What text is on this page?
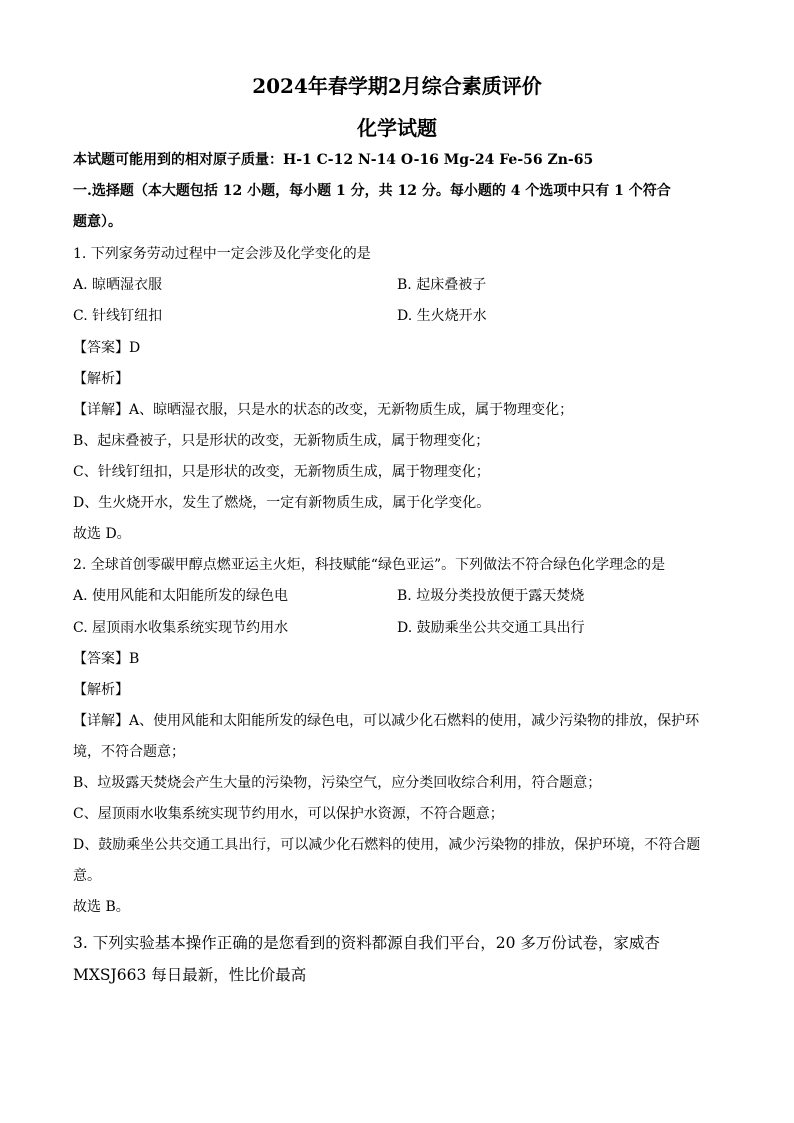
2024年春学期2月综合素质评价
化学试题
本试题可能用到的相对原子质量：H-1 C-12 N-14 O-16 Mg-24 Fe-56 Zn-65
一.选择题（本大题包括 12 小题，每小题 1 分，共 12 分。每小题的 4 个选项中只有 1 个符合
题意）。
1. 下列家务劳动过程中一定会涉及化学变化的是
A. 晾晒湿衣服	B. 起床叠被子
C. 针线钉纽扣	D. 生火烧开水
【答案】D
【解析】
【详解】A、晾晒湿衣服，只是水的状态的改变，无新物质生成，属于物理变化；
B、起床叠被子，只是形状的改变，无新物质生成，属于物理变化；
C、针线钉纽扣，只是形状的改变，无新物质生成，属于物理变化；
D、生火烧开水，发生了燃烧，一定有新物质生成，属于化学变化。
故选 D。
2. 全球首创零碳甲醇点燃亚运主火炬，科技赋能“绿色亚运”。下列做法不符合绿色化学理念的是
A. 使用风能和太阳能所发的绿色电	B. 垃圾分类投放便于露天焚烧
C. 屋顶雨水收集系统实现节约用水	D. 鼓励乘坐公共交通工具出行
【答案】B
【解析】
【详解】A、使用风能和太阳能所发的绿色电，可以减少化石燃料的使用，减少污染物的排放，保护环
境，不符合题意；
B、垃圾露天焚烧会产生大量的污染物，污染空气，应分类回收综合利用，符合题意；
C、屋顶雨水收集系统实现节约用水，可以保护水资源，不符合题意；
D、鼓励乘坐公共交通工具出行，可以减少化石燃料的使用，减少污染物的排放，保护环境，不符合题
意。
故选 B。
3. 下列实验基本操作正确的是您看到的资料都源自我们平台，20 多万份试卷，家威杏
MXSJ663 每日最新，性比价最高
